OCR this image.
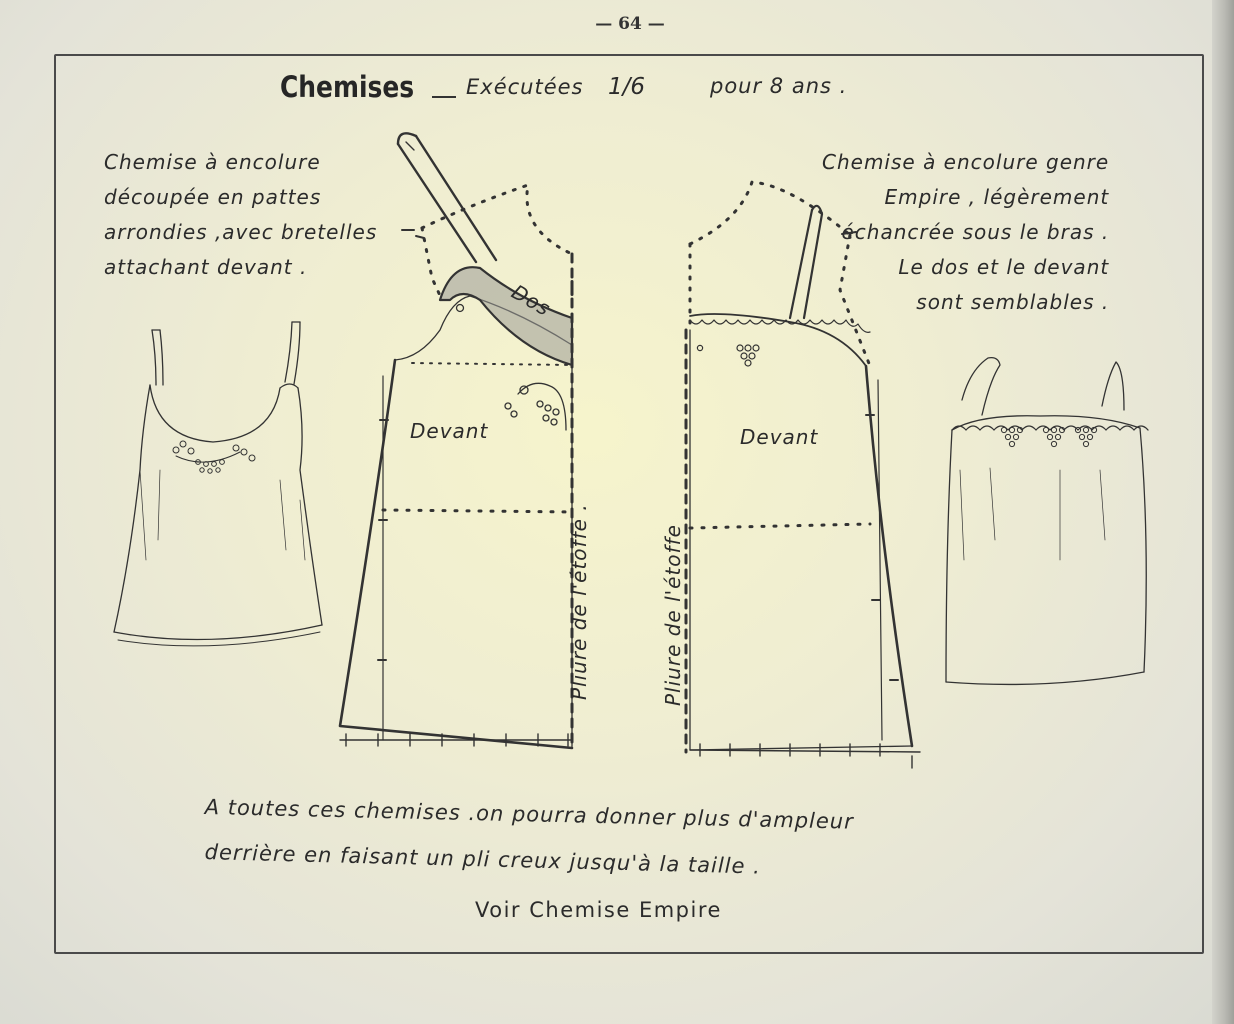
— 64 —
Chemises Exécutées 1/6	pour 8 ans .
Chemise à encolure
découpée en pattes
arrondies ,avec bretelles
attachant devant .
Chemise à encolure genre
Empire , légèrement
échancrée sous le bras .
Le dos et le devant
sont semblables .
Dos
Devant
Pliure de l'étoffe .
Devant
Pliure de l'étoffe
A toutes ces chemises .on pourra donner plus d'ampleur
derrière en faisant un pli creux jusqu'à la taille .
Voir Chemise Empire
